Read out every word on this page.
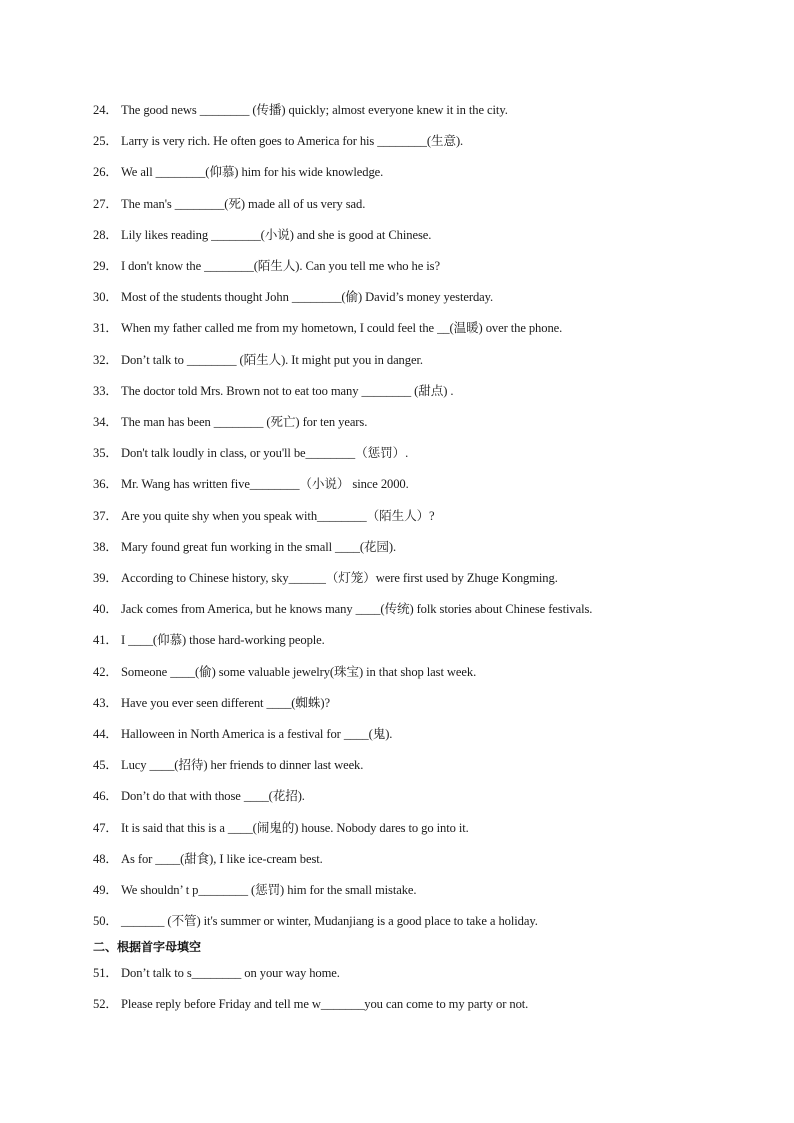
24． The good news ________ (传播) quickly; almost everyone knew it in the city.
25． Larry is very rich. He often goes to America for his ________(生意).
26． We all ________(仰慕) him for his wide knowledge.
27． The man's ________(死) made all of us very sad.
28． Lily likes reading ________(小说) and she is good at Chinese.
29． I don't know the ________(陌生人). Can you tell me who he is?
30． Most of the students thought John ________(偷) David’s money yesterday.
31． When my father called me from my hometown, I could feel the __(温暖) over the phone.
32． Don’t talk to ________ (陌生人). It might put you in danger.
33． The doctor told Mrs. Brown not to eat too many ________ (甜点) .
34． The man has been ________ (死亡) for ten years.
35． Don't talk loudly in class, or you'll be________（惩罚）.
36． Mr. Wang has written five________（小说） since 2000.
37． Are you quite shy when you speak with________（陌生人）?
38． Mary found great fun working in the small ____(花园).
39． According to Chinese history, sky______（灯笼）were first used by Zhuge Kongming.
40． Jack comes from America, but he knows many ____(传统) folk stories about Chinese festivals.
41． I ____(仰慕) those hard-working people.
42． Someone ____(偷) some valuable jewelry(珠宝) in that shop last week.
43． Have you ever seen different ____(蜘蛛)?
44． Halloween in North America is a festival for ____(鬼).
45． Lucy ____(招待) her friends to dinner last week.
46． Don’t do that with those ____(花招).
47． It is said that this is a ____(闹鬼的) house. Nobody dares to go into it.
48． As for ____(甜食), I like ice-cream best.
49． We shouldn’ t p________ (惩罚) him for the small mistake.
50． _______ (不管) it's summer or winter, Mudanjiang is a good place to take a holiday.
二、根据首字母填空
51． Don’t talk to s________ on your way home.
52． Please reply before Friday and tell me w_______you can come to my party or not.
